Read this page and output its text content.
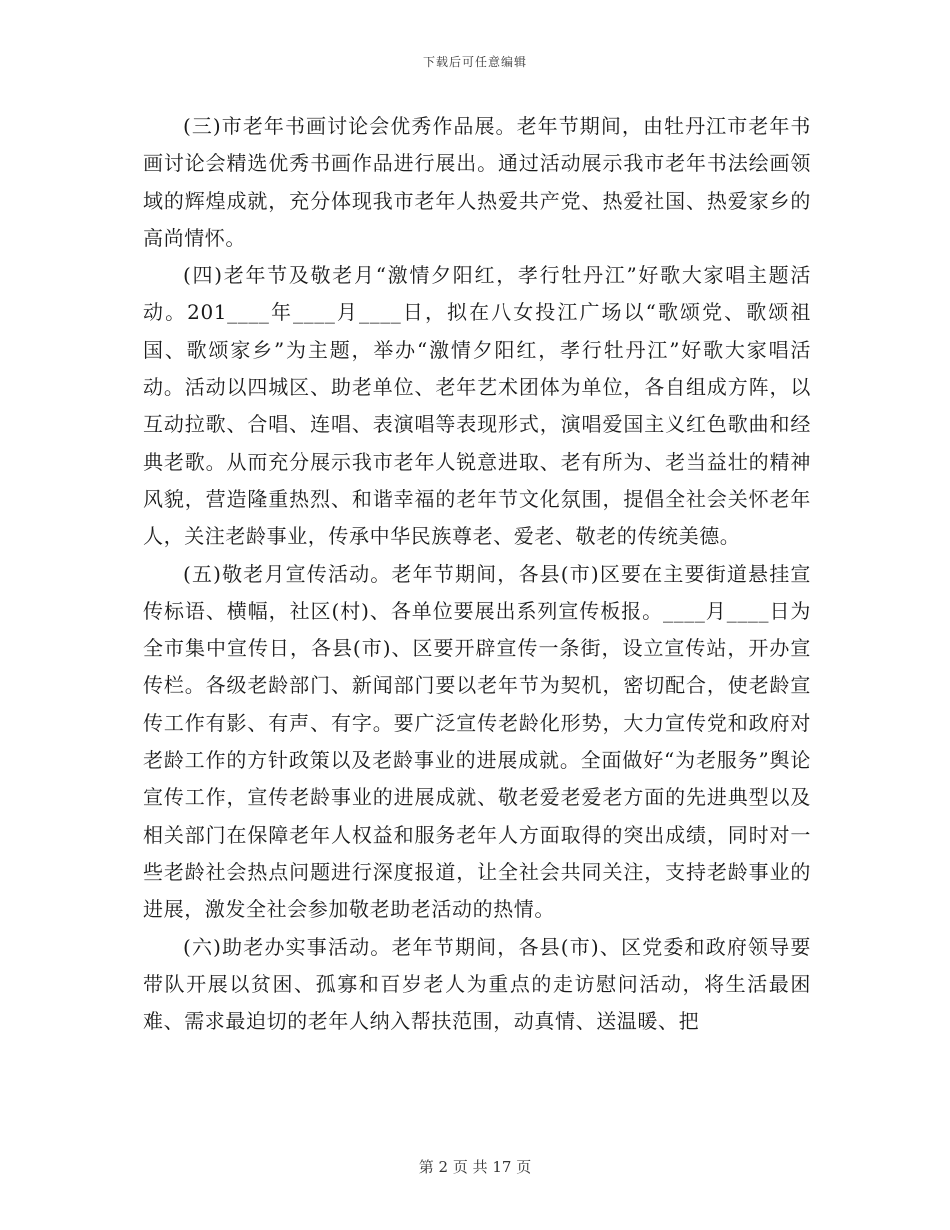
下载后可任意编辑

(三)市老年书画讨论会优秀作品展。老年节期间，由牡丹江市老年书画讨论会精选优秀书画作品进行展出。通过活动展示我市老年书法绘画领域的辉煌成就，充分体现我市老年人热爱共产党、热爱社国、热爱家乡的高尚情怀。

(四)老年节及敬老月“激情夕阳红，孝行牡丹江”好歌大家唱主题活动。201____年____月____日，拟在八女投江广场以“歌颂党、歌颂祖国、歌颂家乡”为主题，举办“激情夕阳红，孝行牡丹江”好歌大家唱活动。活动以四城区、助老单位、老年艺术团体为单位，各自组成方阵，以互动拉歌、合唱、连唱、表演唱等表现形式，演唱爱国主义红色歌曲和经典老歌。从而充分展示我市老年人锐意进取、老有所为、老当益壮的精神风貌，营造隆重热烈、和谐幸福的老年节文化氛围，提倡全社会关怀老年人，关注老龄事业，传承中华民族尊老、爱老、敬老的传统美德。

(五)敬老月宣传活动。老年节期间，各县(市)区要在主要街道悬挂宣传标语、横幅，社区(村)、各单位要展出系列宣传板报。____月____日为全市集中宣传日，各县(市)、区要开辟宣传一条街，设立宣传站，开办宣传栏。各级老龄部门、新闻部门要以老年节为契机，密切配合，使老龄宣传工作有影、有声、有字。要广泛宣传老龄化形势，大力宣传党和政府对老龄工作的方针政策以及老龄事业的进展成就。全面做好“为老服务”舆论宣传工作，宣传老龄事业的进展成就、敬老爱老爱老方面的先进典型以及相关部门在保障老年人权益和服务老年人方面取得的突出成绩，同时对一些老龄社会热点问题进行深度报道，让全社会共同关注，支持老龄事业的进展，激发全社会参加敬老助老活动的热情。

(六)助老办实事活动。老年节期间，各县(市)、区党委和政府领导要带队开展以贫困、孤寡和百岁老人为重点的走访慰问活动，将生活最困难、需求最迫切的老年人纳入帮扶范围，动真情、送温暖、把

第 2 页 共 17 页
